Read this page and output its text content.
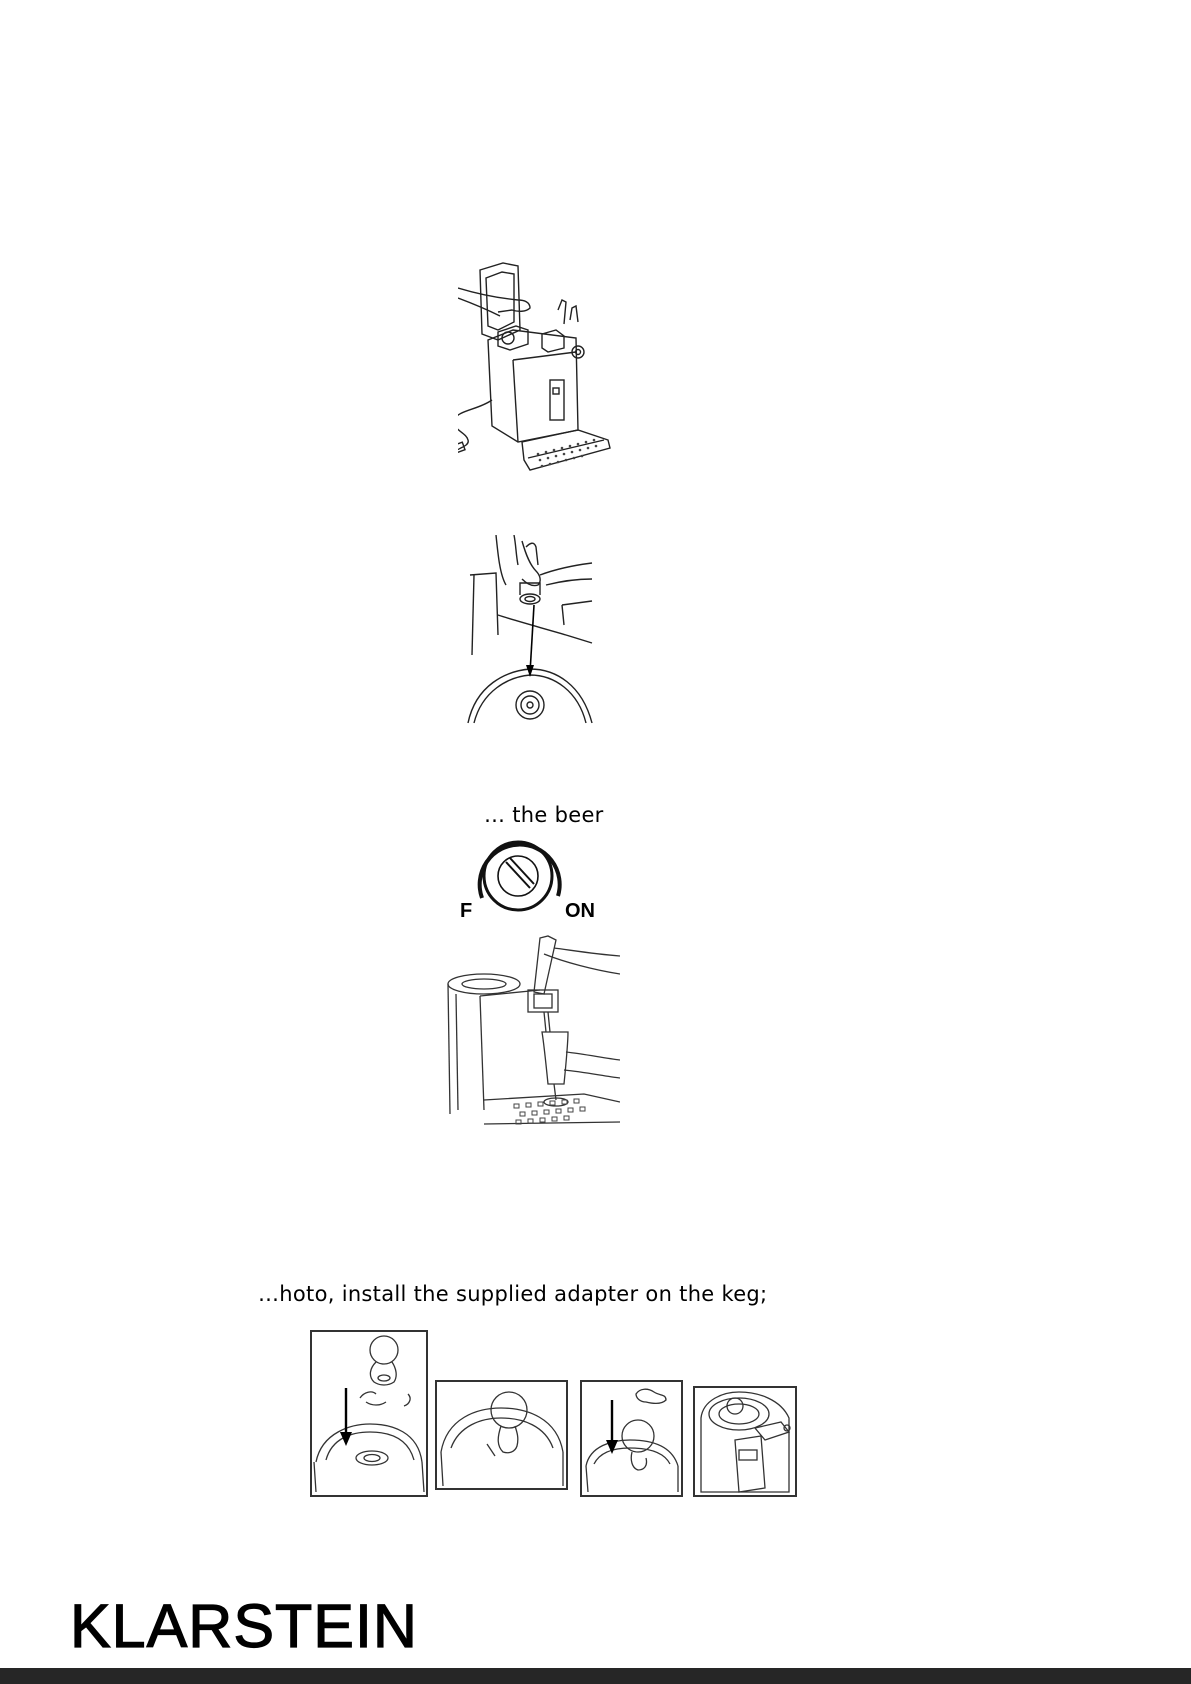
… the beer
F	ON
…hoto, install the supplied adapter on the keg;
KLARSTEIN
